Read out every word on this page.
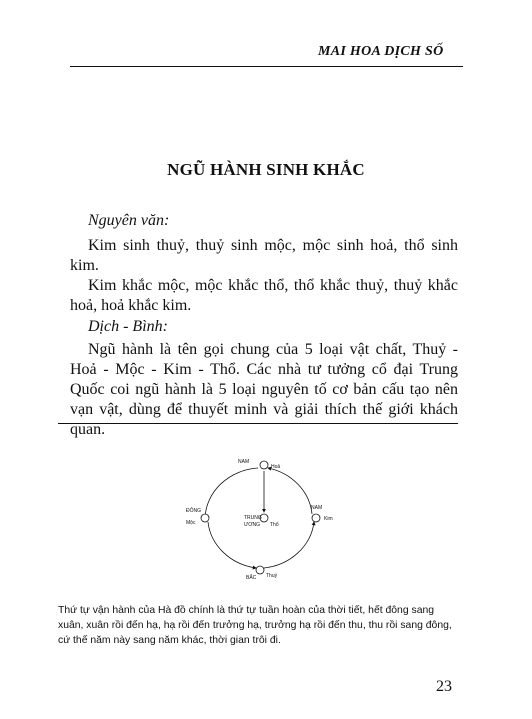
MAI HOA DỊCH SỐ
NGŨ HÀNH SINH KHẮC
Nguyên văn:
Kim sinh thuỷ, thuỷ sinh mộc, mộc sinh hoả, thổ sinh kim.
Kim khắc mộc, mộc khắc thổ, thổ khắc thuỷ, thuỷ khắc hoả, hoả khắc kim.
Dịch - Bình:
Ngũ hành là tên gọi chung của 5 loại vật chất, Thuỷ - Hoả - Mộc - Kim - Thổ. Các nhà tư tưởng cổ đại Trung Quốc coi ngũ hành là 5 loại nguyên tố cơ bản cấu tạo nên vạn vật, dùng để thuyết minh và giải thích thế giới khách quan.
NAM
Hoả
ĐÔNG
Mộc
TRUNG
ƯƠNG Thổ
NAM
Kim
BẮC Thuỷ
Thứ tự vận hành của Hà đồ chính là thứ tự tuần hoàn của thời tiết, hết đông sang xuân, xuân rồi đến hạ, hạ rồi đến trưởng hạ, trưởng hạ rồi đến thu, thu rồi sang đông, cứ thế năm này sang năm khác, thời gian trôi đi.
23
